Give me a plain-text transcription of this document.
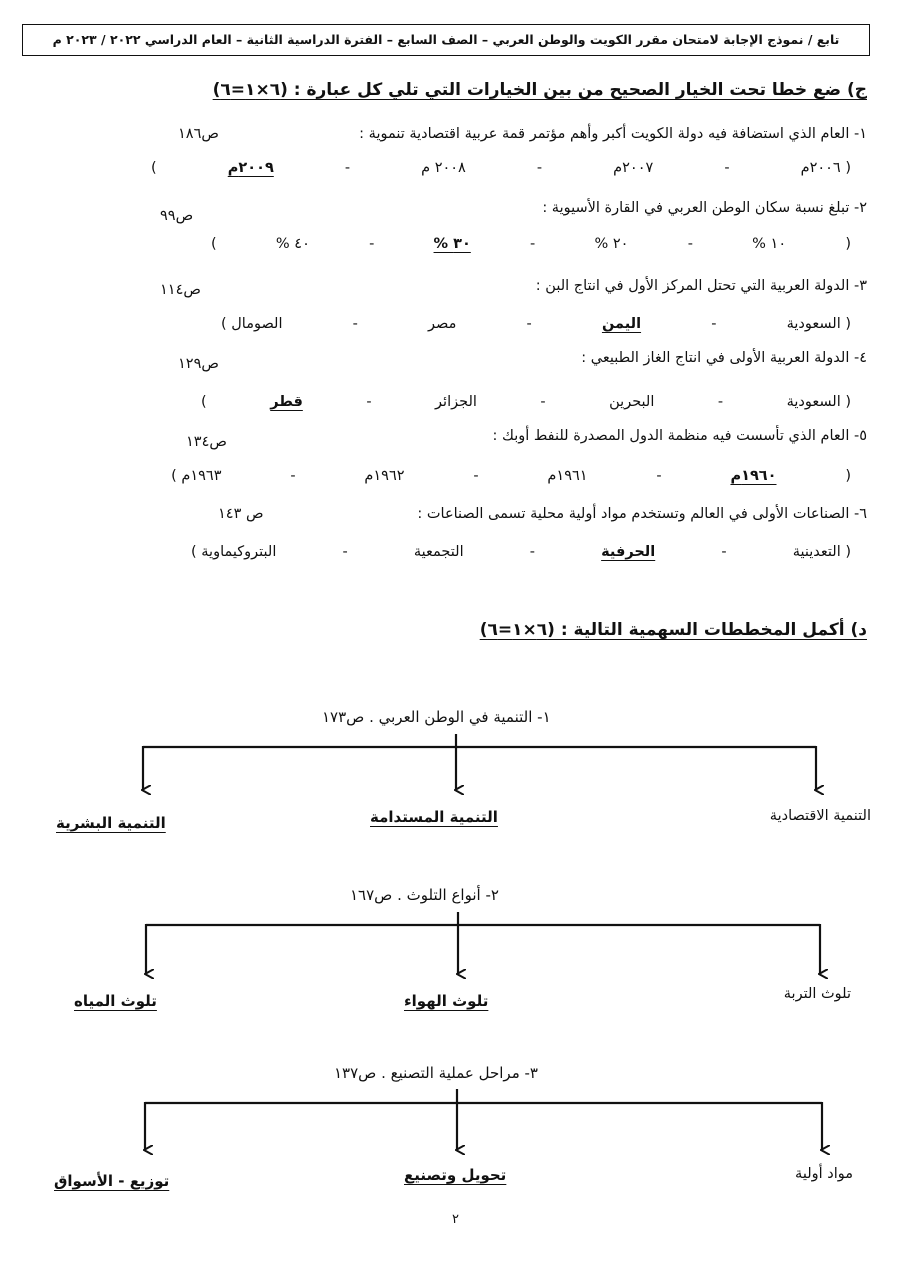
تابع / نموذج الإجابة لامتحان مقرر الكويت والوطن العربي – الصف السابع – الفترة الدراسية الثانية – العام الدراسي ٢٠٢٢ / ٢٠٢٣ م
ج) ضع خطا تحت الخيار الصحيح من بين الخيارات التي تلي كل عبارة : (٦×١=٦)
١- العام الذي استضافة فيه دولة الكويت أكبر وأهم مؤتمر قمة عربية اقتصادية تنموية :
ص١٨٦
( ٢٠٠٦م
-
٢٠٠٧م
-
٢٠٠٨ م
-
٢٠٠٩م
)
٢- تبلغ نسبة سكان الوطن العربي في القارة الأسيوية :
ص٩٩
(
١٠ %
-
٢٠ %
-
٣٠ %
-
٤٠ %
)
٣- الدولة العربية التي تحتل المركز الأول في انتاج البن :
ص١١٤
( السعودية
-
اليمن
-
مصر
-
الصومال )
٤- الدولة العربية الأولى في انتاج الغاز الطبيعي :
ص١٢٩
( السعودية
-
البحرين
-
الجزائر
-
قطر
)
٥- العام الذي تأسست فيه منظمة الدول المصدرة للنفط أوبك :
ص١٣٤
(
١٩٦٠م
-
١٩٦١م
-
١٩٦٢م
-
١٩٦٣م )
٦- الصناعات الأولى في العالم وتستخدم مواد أولية محلية تسمى الصناعات :
ص ١٤٣
( التعدينية
-
الحرفية
-
التجمعية
-
البتروكيماوية )
د) أكمل المخططات السهمية التالية : (٦×١=٦)
١- التنمية في الوطن العربي . ص١٧٣
التنمية الاقتصادية
التنمية المستدامة
التنمية البشرية
٢- أنواع التلوث . ص١٦٧
تلوث التربة
تلوث الهواء
تلوث المياه
٣- مراحل عملية التصنيع . ص١٣٧
مواد أولية
تحويل وتصنيع
توزيع - الأسواق
٢
